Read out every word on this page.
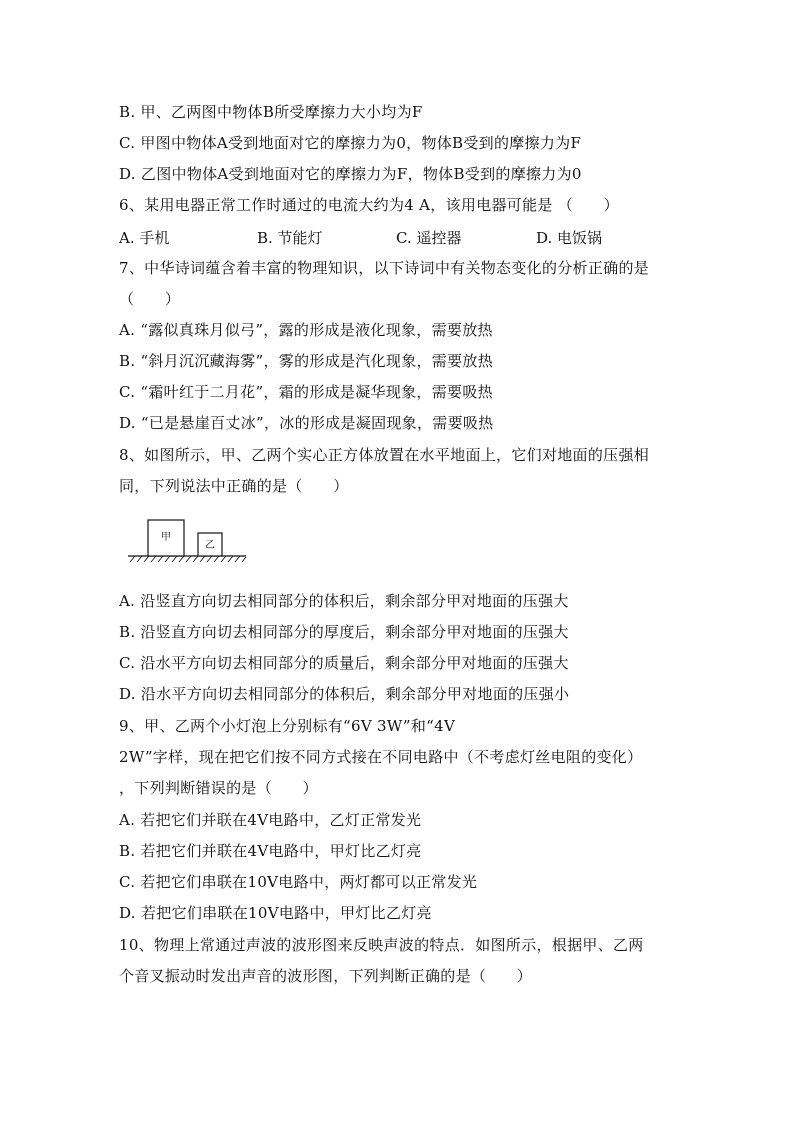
B. 甲、乙两图中物体B所受摩擦力大小均为F
C. 甲图中物体A受到地面对它的摩擦力为0，物体B受到的摩擦力为F
D. 乙图中物体A受到地面对它的摩擦力为F，物体B受到的摩擦力为0
6、某用电器正常工作时通过的电流大约为4 A，该用电器可能是 （　　）
A. 手机	B. 节能灯	C. 遥控器	D. 电饭锅
7、中华诗词蕴含着丰富的物理知识，以下诗词中有关物态变化的分析正确的是
（　　）
A. “露似真珠月似弓”，露的形成是液化现象，需要放热
B. “斜月沉沉藏海雾”，雾的形成是汽化现象，需要放热
C. “霜叶红于二月花”，霜的形成是凝华现象，需要吸热
D. “已是悬崖百丈冰”，冰的形成是凝固现象，需要吸热
8、如图所示，甲、乙两个实心正方体放置在水平地面上，它们对地面的压强相
同，下列说法中正确的是（　　）
甲
乙
A. 沿竖直方向切去相同部分的体积后，剩余部分甲对地面的压强大
B. 沿竖直方向切去相同部分的厚度后，剩余部分甲对地面的压强大
C. 沿水平方向切去相同部分的质量后，剩余部分甲对地面的压强大
D. 沿水平方向切去相同部分的体积后，剩余部分甲对地面的压强小
9、甲、乙两个小灯泡上分别标有“6V 3W”和“4V
2W”字样，现在把它们按不同方式接在不同电路中（不考虑灯丝电阻的变化）
，下列判断错误的是（　　）
A. 若把它们并联在4V电路中，乙灯正常发光
B. 若把它们并联在4V电路中，甲灯比乙灯亮
C. 若把它们串联在10V电路中，两灯都可以正常发光
D. 若把它们串联在10V电路中，甲灯比乙灯亮
10、物理上常通过声波的波形图来反映声波的特点．如图所示，根据甲、乙两
个音叉振动时发出声音的波形图，下列判断正确的是（　　）
